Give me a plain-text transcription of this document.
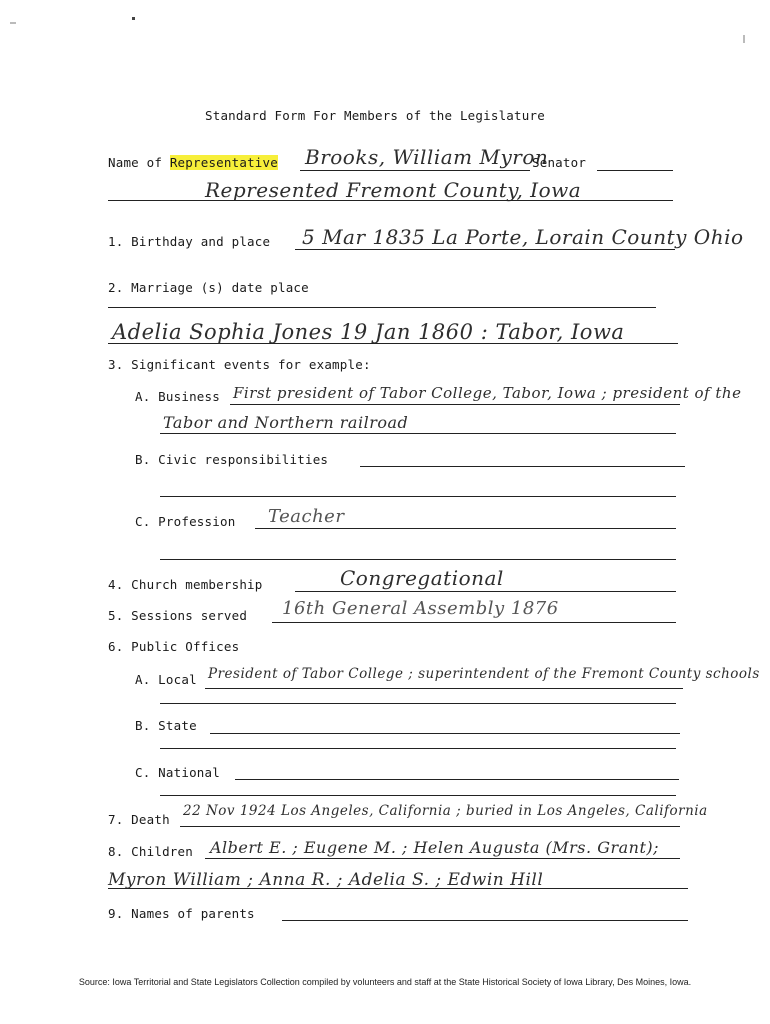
Standard Form For Members of the Legislature
Name of Representative Brooks, William Myron
Senator
Represented Fremont County, Iowa
1. Birthday and place 5 Mar 1835 La Porte, Lorain County Ohio
2. Marriage (s) date place
Adelia Sophia Jones 19 Jan 1860 : Tabor, Iowa
3. Significant events for example:
A. Business First president of Tabor College, Tabor, Iowa ; president of the
Tabor and Northern railroad
B. Civic responsibilities
C. Profession Teacher
4. Church membership	Congregational
5. Sessions served 16th General Assembly 1876
6. Public Offices
A. Local President of Tabor College ; superintendent of the Fremont County schools
B. State
C. National
7. Death
22 Nov 1924 Los Angeles, California ; buried in Los Angeles, California
8. Children Albert E. ; Eugene M. ; Helen Augusta (Mrs. Grant);
Myron William ; Anna R. ; Adelia S. ; Edwin Hill
9. Names of parents
Source: Iowa Territorial and State Legislators Collection compiled by volunteers and staff at the State Historical Society of Iowa Library, Des Moines, Iowa.
